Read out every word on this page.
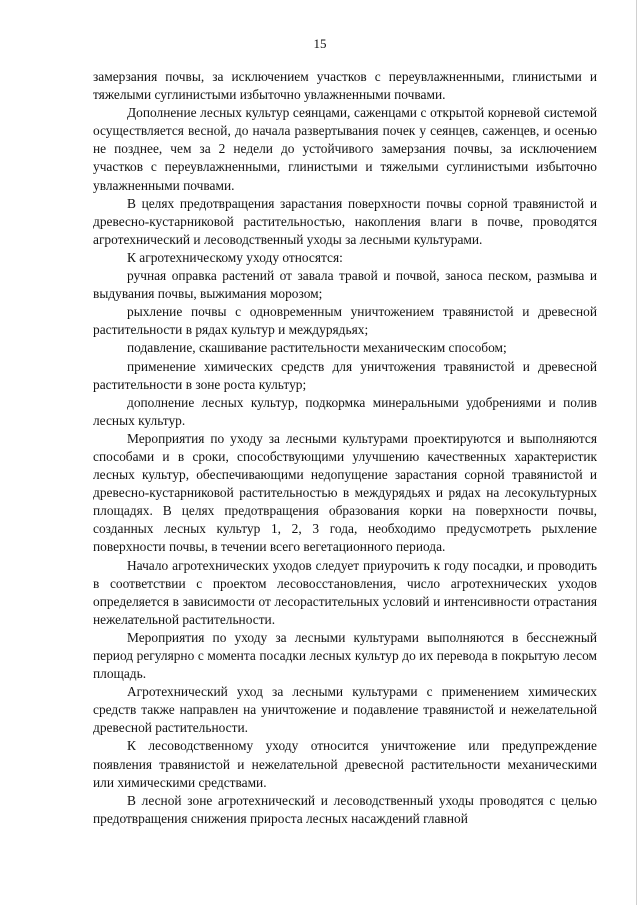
15

замерзания почвы, за исключением участков с переувлажненными, глинистыми и тяжелыми суглинистыми избыточно увлажненными почвами.

Дополнение лесных культур сеянцами, саженцами с открытой корневой системой осуществляется весной, до начала развертывания почек у сеянцев, саженцев, и осенью не позднее, чем за 2 недели до устойчивого замерзания почвы, за исключением участков с переувлажненными, глинистыми и тяжелыми суглинистыми избыточно увлажненными почвами.

В целях предотвращения зарастания поверхности почвы сорной травянистой и древесно-кустарниковой растительностью, накопления влаги в почве, проводятся агротехнический и лесоводственный уходы за лесными культурами.

К агротехническому уходу относятся:

ручная оправка растений от завала травой и почвой, заноса песком, размыва и выдувания почвы, выжимания морозом;

рыхление почвы с одновременным уничтожением травянистой и древесной растительности в рядах культур и междурядьях;

подавление, скашивание растительности механическим способом;

применение химических средств для уничтожения травянистой и древесной растительности в зоне роста культур;

дополнение лесных культур, подкормка минеральными удобрениями и полив лесных культур.

Мероприятия по уходу за лесными культурами проектируются и выполняются способами и в сроки, способствующими улучшению качественных характеристик лесных культур, обеспечивающими недопущение зарастания сорной травянистой и древесно-кустарниковой растительностью в междурядьях и рядах на лесокультурных площадях. В целях предотвращения образования корки на поверхности почвы, созданных лесных культур 1, 2, 3 года, необходимо предусмотреть рыхление поверхности почвы, в течении всего вегетационного периода.

Начало агротехнических уходов следует приурочить к году посадки, и проводить в соответствии с проектом лесовосстановления, число агротехнических уходов определяется в зависимости от лесорастительных условий и интенсивности отрастания нежелательной растительности.

Мероприятия по уходу за лесными культурами выполняются в бесснежный период регулярно с момента посадки лесных культур до их перевода в покрытую лесом площадь.

Агротехнический уход за лесными культурами с применением химических средств также направлен на уничтожение и подавление травянистой и нежелательной древесной растительности.

К лесоводственному уходу относится уничтожение или предупреждение появления травянистой и нежелательной древесной растительности механическими или химическими средствами.

В лесной зоне агротехнический и лесоводственный уходы проводятся с целью предотвращения снижения прироста лесных насаждений главной
